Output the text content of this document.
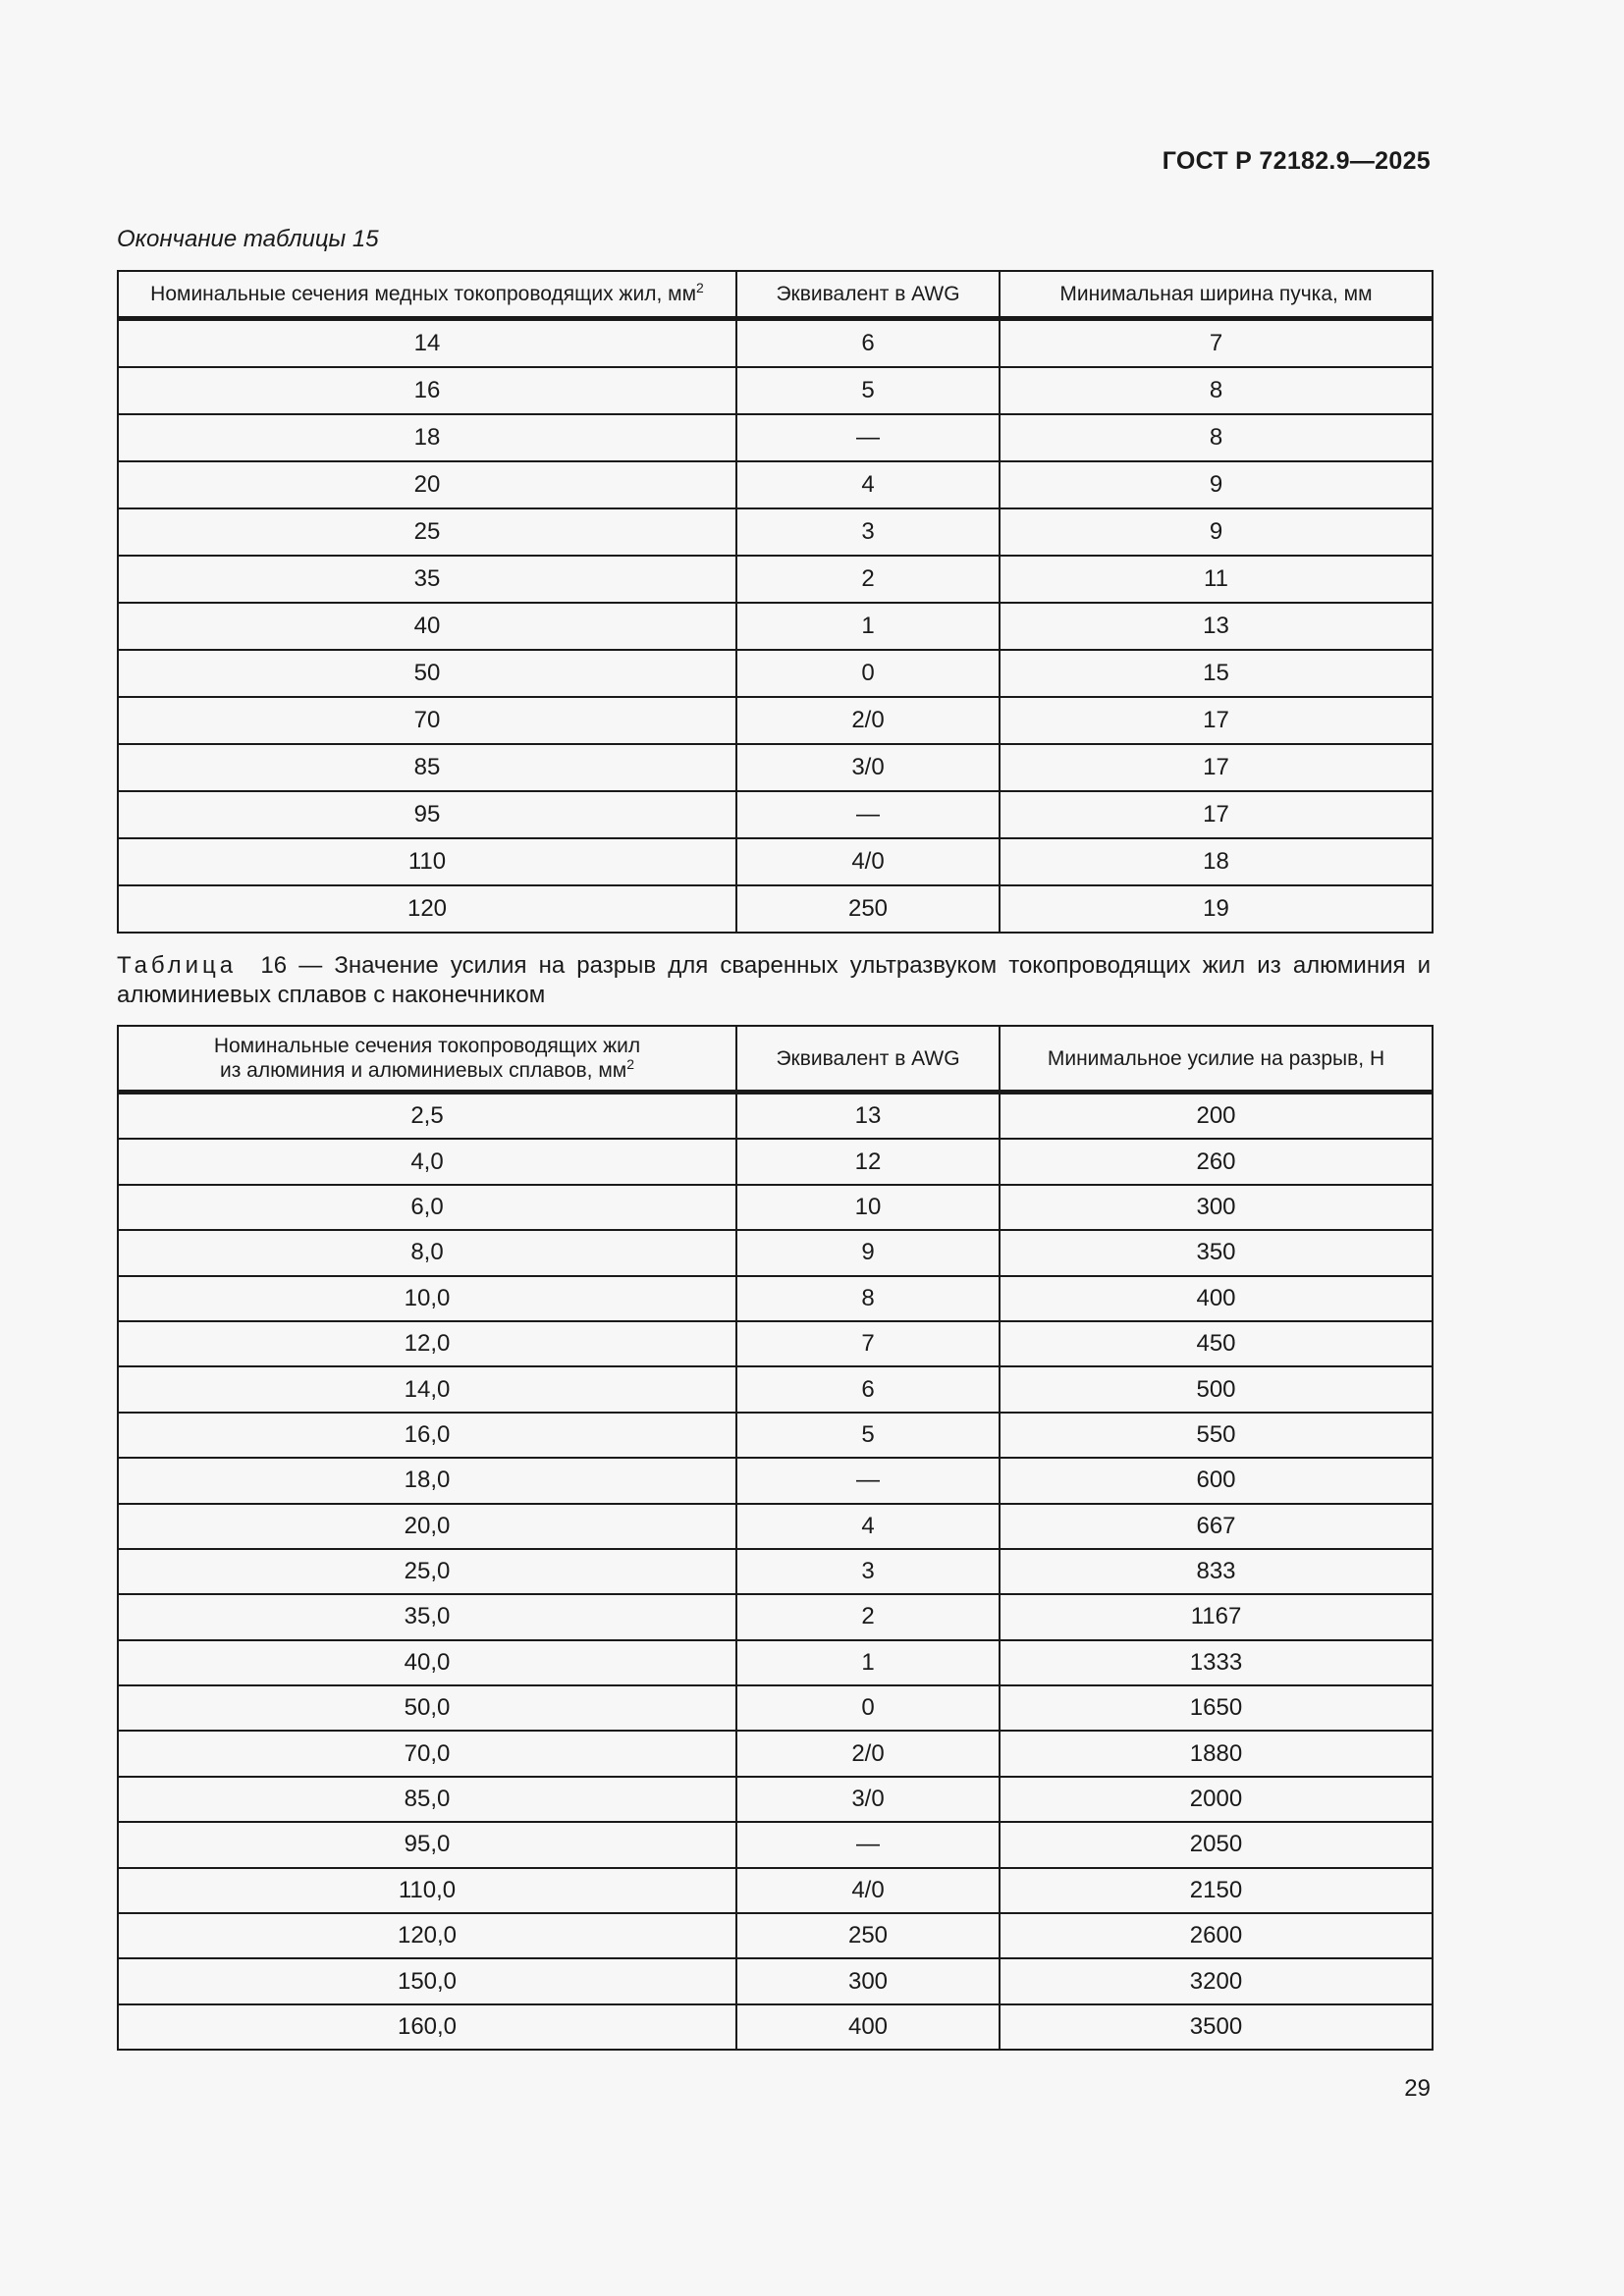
ГОСТ Р 72182.9—2025
Окончание таблицы 15
Номинальные сечения медных токопроводящих жил, $мм^2$	Эквивалент в AWG	Минимальная ширина пучка, мм
14	6	7
16	5	8
18	—	8
20	4	9
25	3	9
35	2	11
40	1	13
50	0	15
70	2/0	17
85	3/0	17
95	—	17
110	4/0	18
120	250	19
Таблица 16 — Значение усилия на разрыв для сваренных ультразвуком токопроводящих жил из алюминия и алюминиевых сплавов с наконечником
Номинальные сечения токопроводящих жил
из алюминия и алюминиевых сплавов, $мм^2$	Эквивалент в AWG	Минимальное усилие на разрыв, Н
2,5	13	200
4,0	12	260
6,0	10	300
8,0	9	350
10,0	8	400
12,0	7	450
14,0	6	500
16,0	5	550
18,0	—	600
20,0	4	667
25,0	3	833
35,0	2	1167
40,0	1	1333
50,0	0	1650
70,0	2/0	1880
85,0	3/0	2000
95,0	—	2050
110,0	4/0	2150
120,0	250	2600
150,0	300	3200
160,0	400	3500
29
